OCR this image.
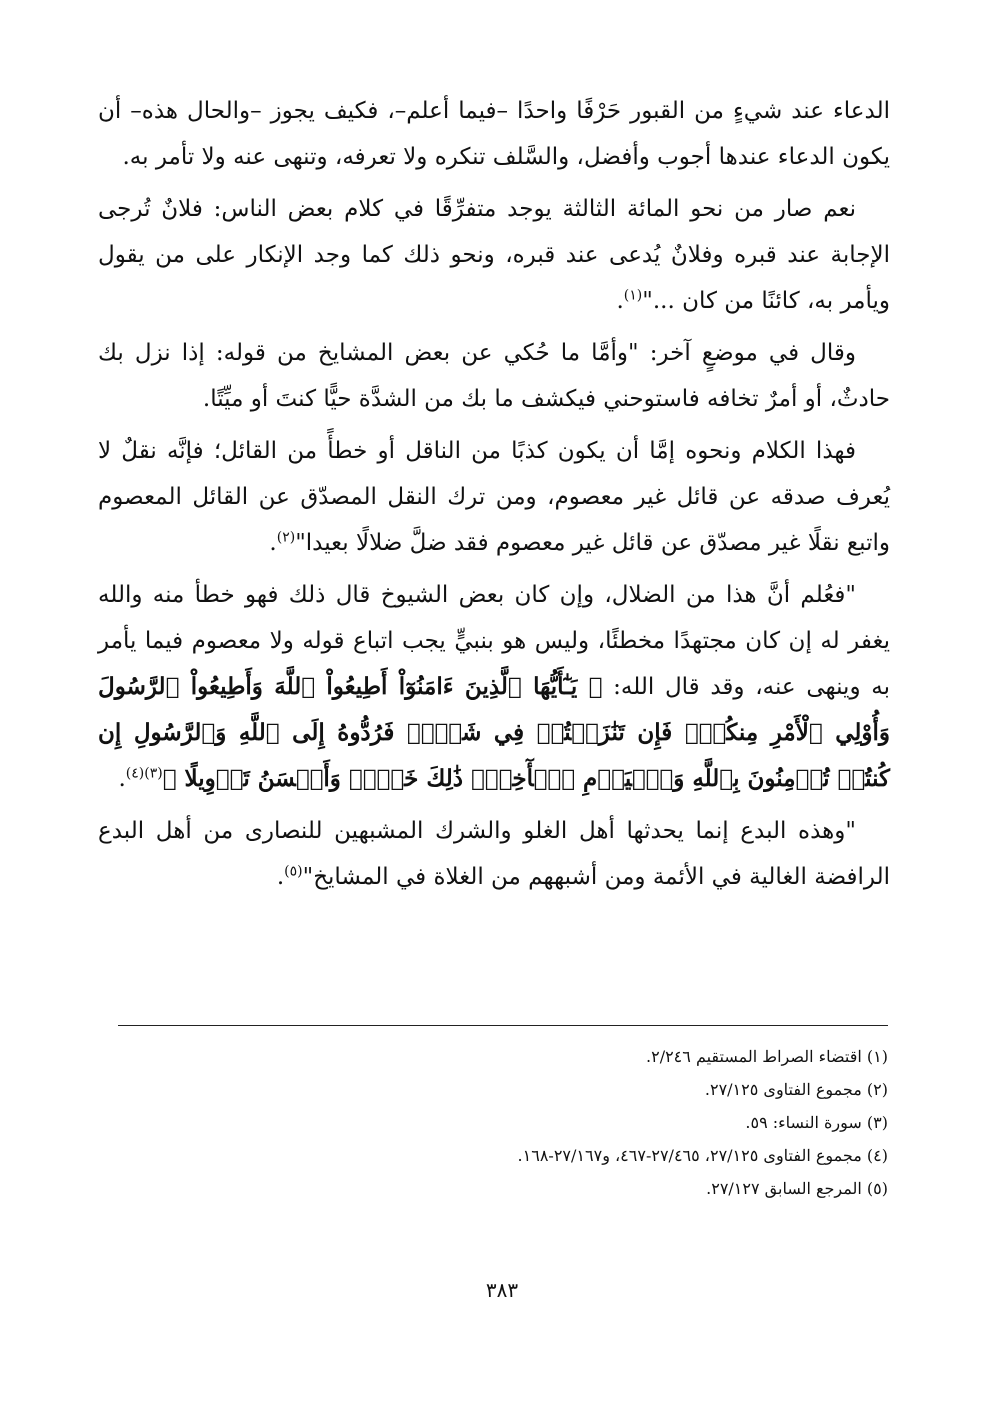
الدعاء عند شيءٍ من القبور حَرْفًا واحدًا –فيما أعلم–، فكيف يجوز –والحال هذه– أن يكون الدعاء عندها أجوب وأفضل، والسَّلف تنكره ولا تعرفه، وتنهى عنه ولا تأمر به.

نعم صار من نحو المائة الثالثة يوجد متفرِّقًا في كلام بعض الناس: فلانٌ تُرجى الإجابة عند قبره وفلانٌ يُدعى عند قبره، ونحو ذلك كما وجد الإنكار على من يقول ويأمر به، كائنًا من كان ..."$^{(١)}$.

وقال في موضعٍ آخر: "وأمَّا ما حُكي عن بعض المشايخ من قوله: إذا نزل بك حادثٌ، أو أمرٌ تخافه فاستوحني فيكشف ما بك من الشدَّة حيًّا كنتَ أو ميِّتًا.

فهذا الكلام ونحوه إمَّا أن يكون كذبًا من الناقل أو خطأً من القائل؛ فإنَّه نقلٌ لا يُعرف صدقه عن قائل غير معصوم، ومن ترك النقل المصدّق عن القائل المعصوم واتبع نقلًا غير مصدّق عن قائل غير معصوم فقد ضلَّ ضلالًا بعيدا"$^{(٢)}$.

"فعُلم أنَّ هذا من الضلال، وإن كان بعض الشيوخ قال ذلك فهو خطأ منه والله يغفر له إن كان مجتهدًا مخطئًا، وليس هو بنبيٍّ يجب اتباع قوله ولا معصوم فيما يأمر به وينهى عنه، وقد قال الله: ﴿ يَـٰٓأَيُّهَا ٱلَّذِينَ ءَامَنُوٓاْ أَطِيعُواْ ٱللَّهَ وَأَطِيعُواْ ٱلرَّسُولَ وَأُوْلِي ٱلْأَمْرِ مِنكُمْۖ فَإِن تَنَٰزَعۡتُمۡ فِي شَيۡءٖ فَرُدُّوهُ إِلَى ٱللَّهِ وَٱلرَّسُولِ إِن كُنتُمۡ تُؤۡمِنُونَ بِٱللَّهِ وَٱلۡيَوۡمِ ٱلۡأٓخِرِۚ ذَٰلِكَ خَيۡرٞ وَأَحۡسَنُ تَأۡوِيلًا ﴾$^{(٣)(٤)}$.

"وهذه البدع إنما يحدثها أهل الغلو والشرك المشبهين للنصارى من أهل البدع الرافضة الغالية في الأئمة ومن أشبههم من الغلاة في المشايخ"$^{(٥)}$.

(١) اقتضاء الصراط المستقيم ٢/٢٤٦.

(٢) مجموع الفتاوى ٢٧/١٢٥.

(٣) سورة النساء: ٥٩.

(٤) مجموع الفتاوى ٢٧/١٢٥، ٢٧/٤٦٥-٤٦٧، و٢٧/١٦٧-١٦٨.

(٥) المرجع السابق ٢٧/١٢٧.

٣٨٣
